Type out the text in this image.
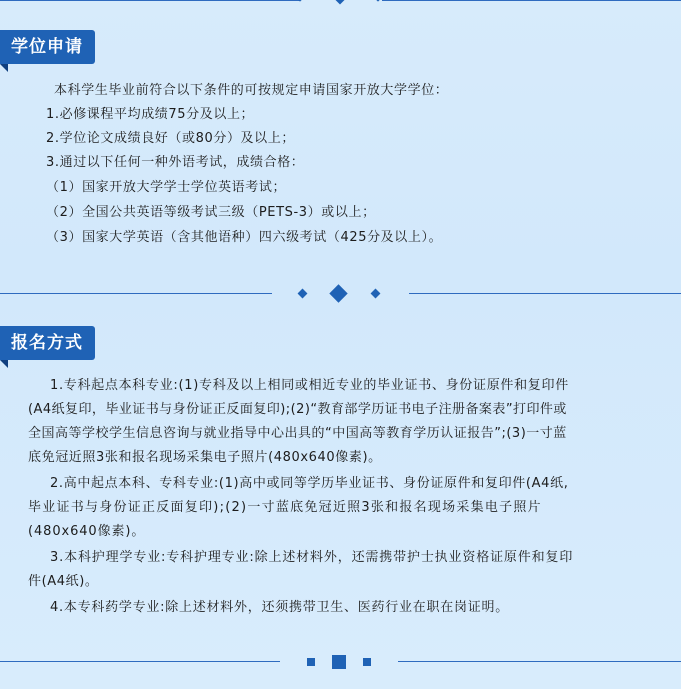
学位申请
本科学生毕业前符合以下条件的可按规定申请国家开放大学学位：
1.必修课程平均成绩75分及以上；
2.学位论文成绩良好（或80分）及以上；
3.通过以下任何一种外语考试，成绩合格：
（1）国家开放大学学士学位英语考试；
（2）全国公共英语等级考试三级（PETS-3）或以上；
（3）国家大学英语（含其他语种）四六级考试（425分及以上）。
报名方式
1.专科起点本科专业:(1)专科及以上相同或相近专业的毕业证书、身份证原件和复印件
(A4纸复印，毕业证书与身份证正反面复印);(2)“教育部学历证书电子注册备案表”打印件或
全国高等学校学生信息咨询与就业指导中心出具的“中国高等教育学历认证报告”;(3)一寸蓝
底免冠近照3张和报名现场采集电子照片(480x640像素)。
2.高中起点本科、专科专业:(1)高中或同等学历毕业证书、身份证原件和复印件(A4纸,
毕业证书与身份证正反面复印);(2)一寸蓝底免冠近照3张和报名现场采集电子照片
(480x640像素)。
3.本科护理学专业:专科护理专业:除上述材料外，还需携带护士执业资格证原件和复印
件(A4纸)。
4.本专科药学专业:除上述材料外，还须携带卫生、医药行业在职在岗证明。
